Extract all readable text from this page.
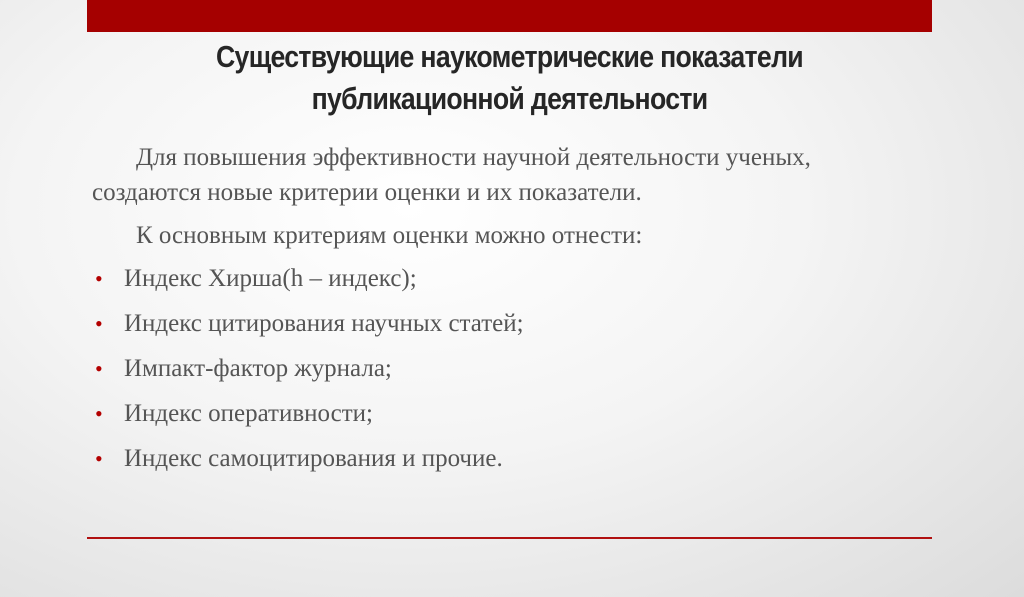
Существующие наукометрические показатели
публикационной деятельности

Для повышения эффективности научной деятельности ученых, создаются новые критерии оценки и их показатели.

К основным критериям оценки можно отнести:

• Индекс Хирша(h – индекс);
• Индекс цитирования научных статей;
• Импакт-фактор журнала;
• Индекс оперативности;
• Индекс самоцитирования и прочие.
